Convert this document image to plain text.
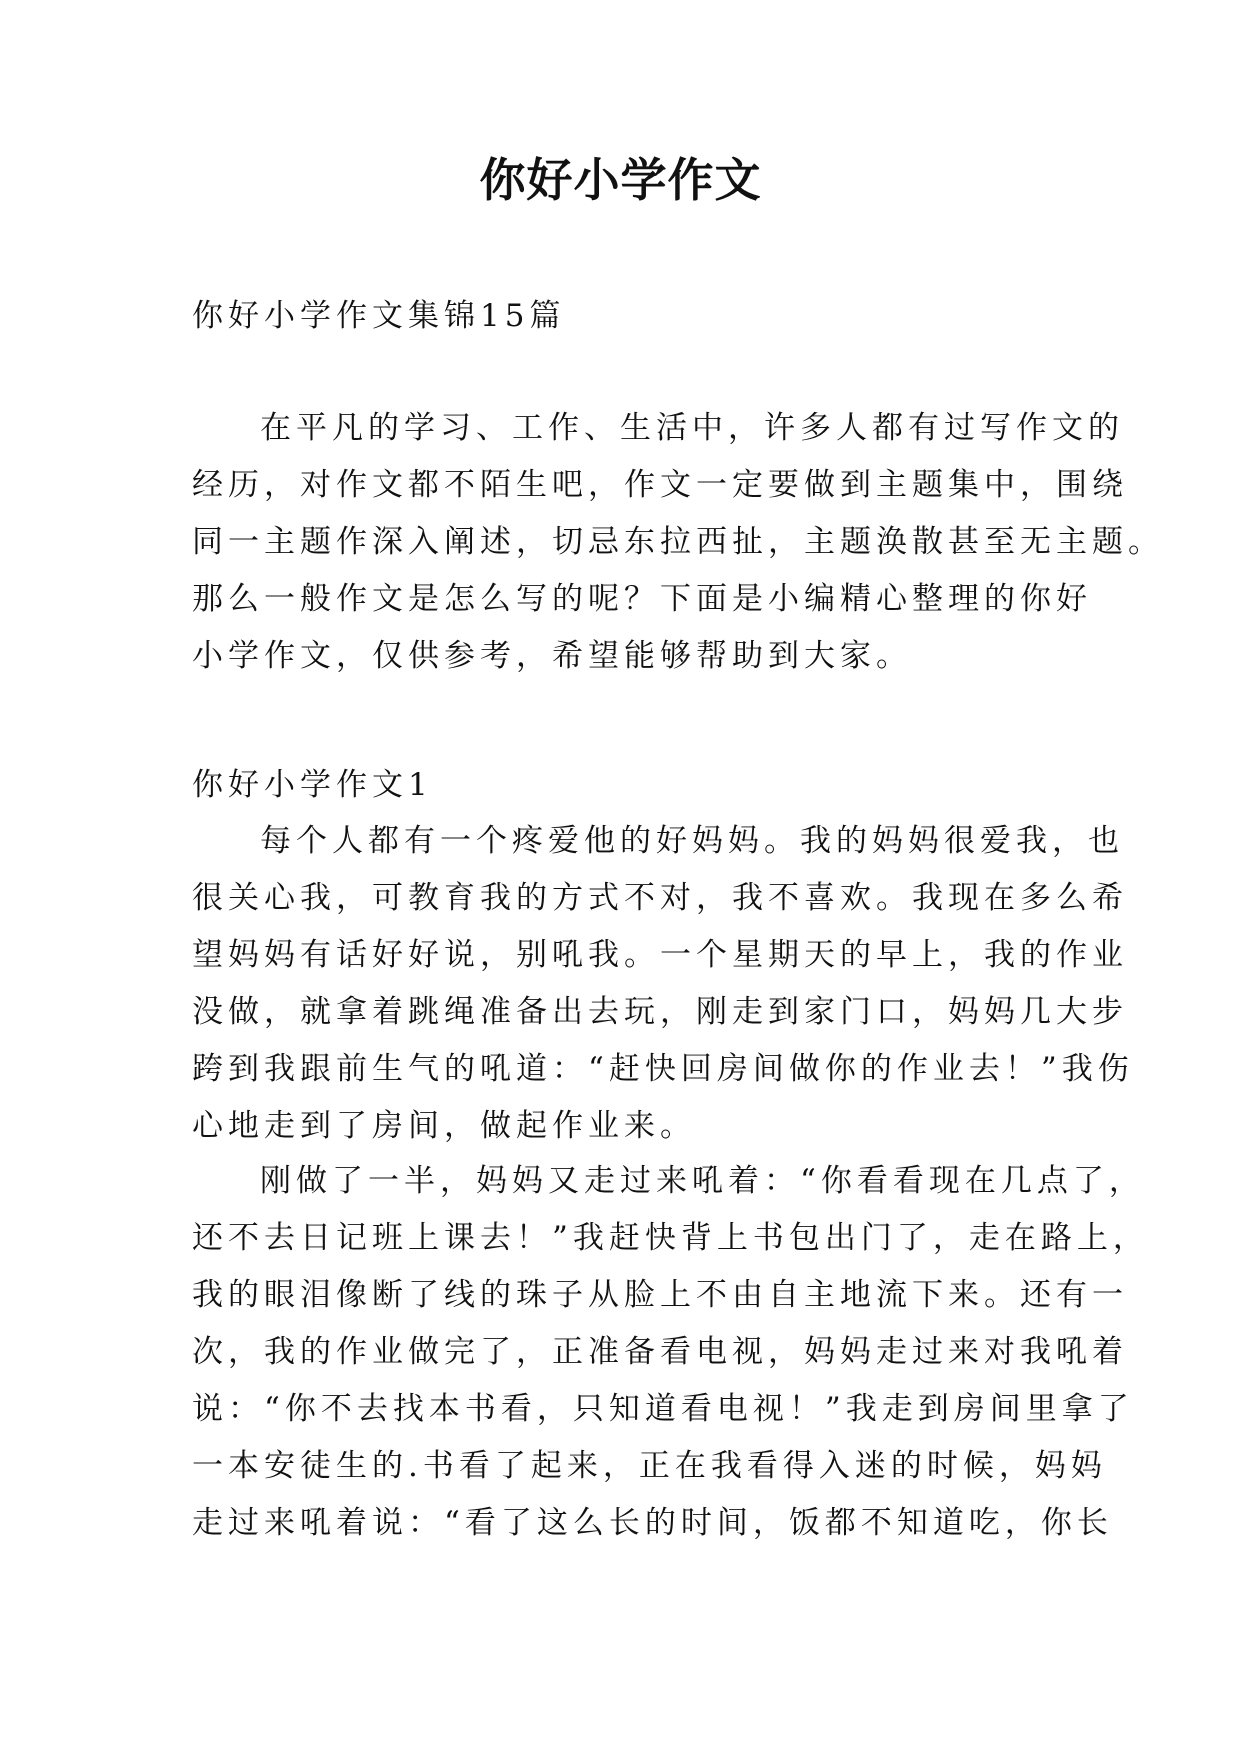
你好小学作文
你好小学作文集锦15篇
在平凡的学习、工作、生活中，许多人都有过写作文的
经历，对作文都不陌生吧，作文一定要做到主题集中，围绕
同一主题作深入阐述，切忌东拉西扯，主题涣散甚至无主题。
那么一般作文是怎么写的呢？下面是小编精心整理的你好
小学作文，仅供参考，希望能够帮助到大家。
你好小学作文1
每个人都有一个疼爱他的好妈妈。我的妈妈很爱我，也
很关心我，可教育我的方式不对，我不喜欢。我现在多么希
望妈妈有话好好说，别吼我。一个星期天的早上，我的作业
没做，就拿着跳绳准备出去玩，刚走到家门口，妈妈几大步
跨到我跟前生气的吼道：“赶快回房间做你的作业去！”我伤
心地走到了房间，做起作业来。
刚做了一半，妈妈又走过来吼着：“你看看现在几点了，
还不去日记班上课去！”我赶快背上书包出门了，走在路上，
我的眼泪像断了线的珠子从脸上不由自主地流下来。还有一
次，我的作业做完了，正准备看电视，妈妈走过来对我吼着
说：“你不去找本书看，只知道看电视！”我走到房间里拿了
一本安徒生的.书看了起来，正在我看得入迷的时候，妈妈
走过来吼着说：“看了这么长的时间，饭都不知道吃，你长
